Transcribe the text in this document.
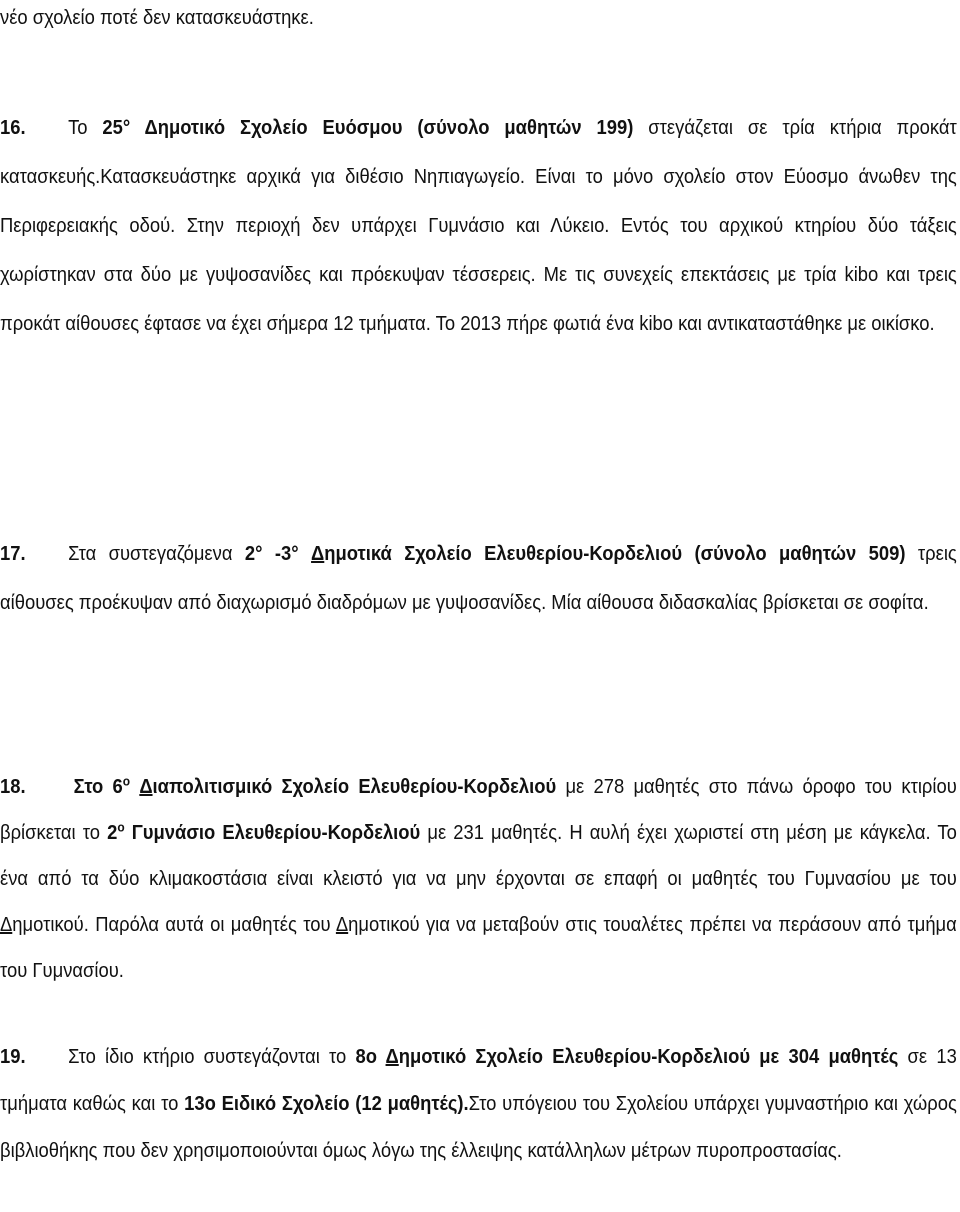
νέο σχολείο ποτέ δεν κατασκευάστηκε.
16. Το 25° Δημοτικό Σχολείο Ευόσμου (σύνολο μαθητών 199) στεγάζεται σε τρία κτήρια προκάτ κατασκευής.Κατασκευάστηκε αρχικά για διθέσιο Νηπιαγωγείο. Είναι το μόνο σχολείο στον Εύοσμο άνωθεν της Περιφερειακής οδού. Στην περιοχή δεν υπάρχει Γυμνάσιο και Λύκειο. Εντός του αρχικού κτηρίου δύο τάξεις χωρίστηκαν στα δύο με γυψοσανίδες και πρόεκυψαν τέσσερεις. Με τις συνεχείς επεκτάσεις με τρία kibo και τρεις προκάτ αίθουσες έφτασε να έχει σήμερα 12 τμήματα. Το 2013 πήρε φωτιά ένα kibo και αντικαταστάθηκε με οικίσκο.
17. Στα συστεγαζόμενα 2° -3° Δημοτικά Σχολείο Ελευθερίου-Κορδελιού (σύνολο μαθητών 509) τρεις αίθουσες προέκυψαν από διαχωρισμό διαδρόμων με γυψοσανίδες. Μία αίθουσα διδασκαλίας βρίσκεται σε σοφίτα.
18. Στο $6^o$ Διαπολιτισμικό Σχολείο Ελευθερίου-Κορδελιού με 278 μαθητές στο πάνω όροφο του κτιρίου βρίσκεται το $2^o$ Γυμνάσιο Ελευθερίου-Κορδελιού με 231 μαθητές. Η αυλή έχει χωριστεί στη μέση με κάγκελα. Το ένα από τα δύο κλιμακοστάσια είναι κλειστό για να μην έρχονται σε επαφή οι μαθητές του Γυμνασίου με του Δημοτικού. Παρόλα αυτά οι μαθητές του Δημοτικού για να μεταβούν στις τουαλέτες πρέπει να περάσουν από τμήμα του Γυμνασίου.
19. Στο ίδιο κτήριο συστεγάζονται το 8ο Δημοτικό Σχολείο Ελευθερίου-Κορδελιού με 304 μαθητές σε 13 τμήματα καθώς και το 13ο Ειδικό Σχολείο (12 μαθητές).Στο υπόγειου του Σχολείου υπάρχει γυμναστήριο και χώρος βιβλιοθήκης που δεν χρησιμοποιούνται όμως λόγω της έλλειψης κατάλληλων μέτρων πυροπροστασίας.
